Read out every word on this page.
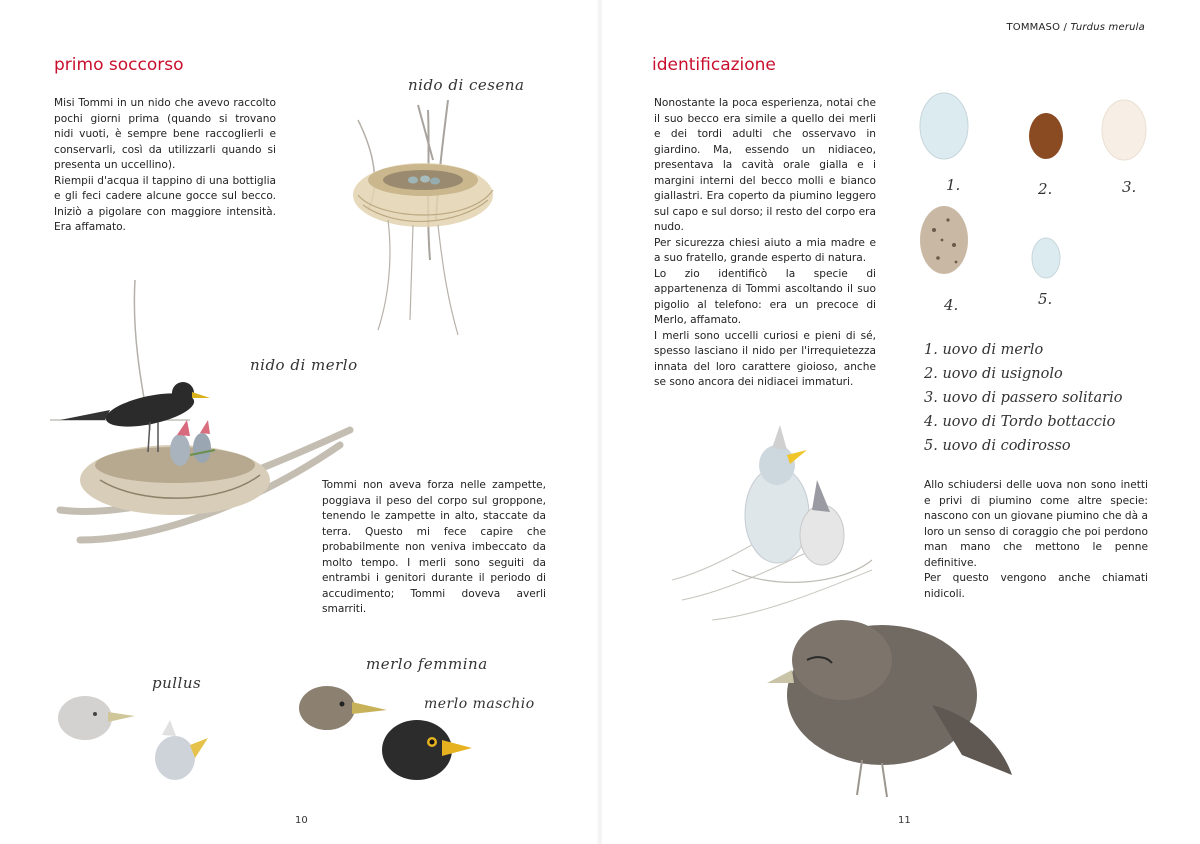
primo soccorso

Misi Tommi in un nido che avevo raccolto pochi giorni prima (quando si trovano nidi vuoti, è sempre bene raccoglierli e conservarli, così da utilizzarli quando si presenta un uccellino).

Riempii d'acqua il tappino di una bottiglia e gli feci cadere alcune gocce sul becco. Iniziò a pigolare con maggiore intensità. Era affamato.

nido di cesena
nido di merlo
Tommi non aveva forza nelle zampette, poggiava il peso del corpo sul groppone, tenendo le zampette in alto, staccate da terra. Questo mi fece capire che probabilmente non veniva imbeccato da molto tempo. I merli sono seguiti da entrambi i genitori durante il periodo di accudimento; Tommi doveva averli smarriti.
merlo femmina
merlo maschio
pullus
10
TOMMASO / Turdus merula
identificazione

Nonostante la poca esperienza, notai che il suo becco era simile a quello dei merli e dei tordi adulti che osservavo in giardino. Ma, essendo un nidiaceo, presentava la cavità orale gialla e i margini interni del becco molli e bianco giallastri. Era coperto da piumino leggero sul capo e sul dorso; il resto del corpo era nudo.

Per sicurezza chiesi aiuto a mia madre e a suo fratello, grande esperto di natura.

Lo zio identificò la specie di appartenenza di Tommi ascoltando il suo pigolio al telefono: era un precoce di Merlo, affamato.

I merli sono uccelli curiosi e pieni di sé, spesso lasciano il nido per l'irrequietezza innata del loro carattere gioioso, anche se sono ancora dei nidiacei immaturi.

1.	2.	3.
4.	5.
1. uovo di merlo
2. uovo di usignolo
3. uovo di passero solitario
4. uovo di Tordo bottaccio
5. uovo di codirosso

Allo schiudersi delle uova non sono inetti e privi di piumino come altre specie: nascono con un giovane piumino che dà a loro un senso di coraggio che poi perdono man mano che mettono le penne definitive.

Per questo vengono anche chiamati nidicoli.

11
